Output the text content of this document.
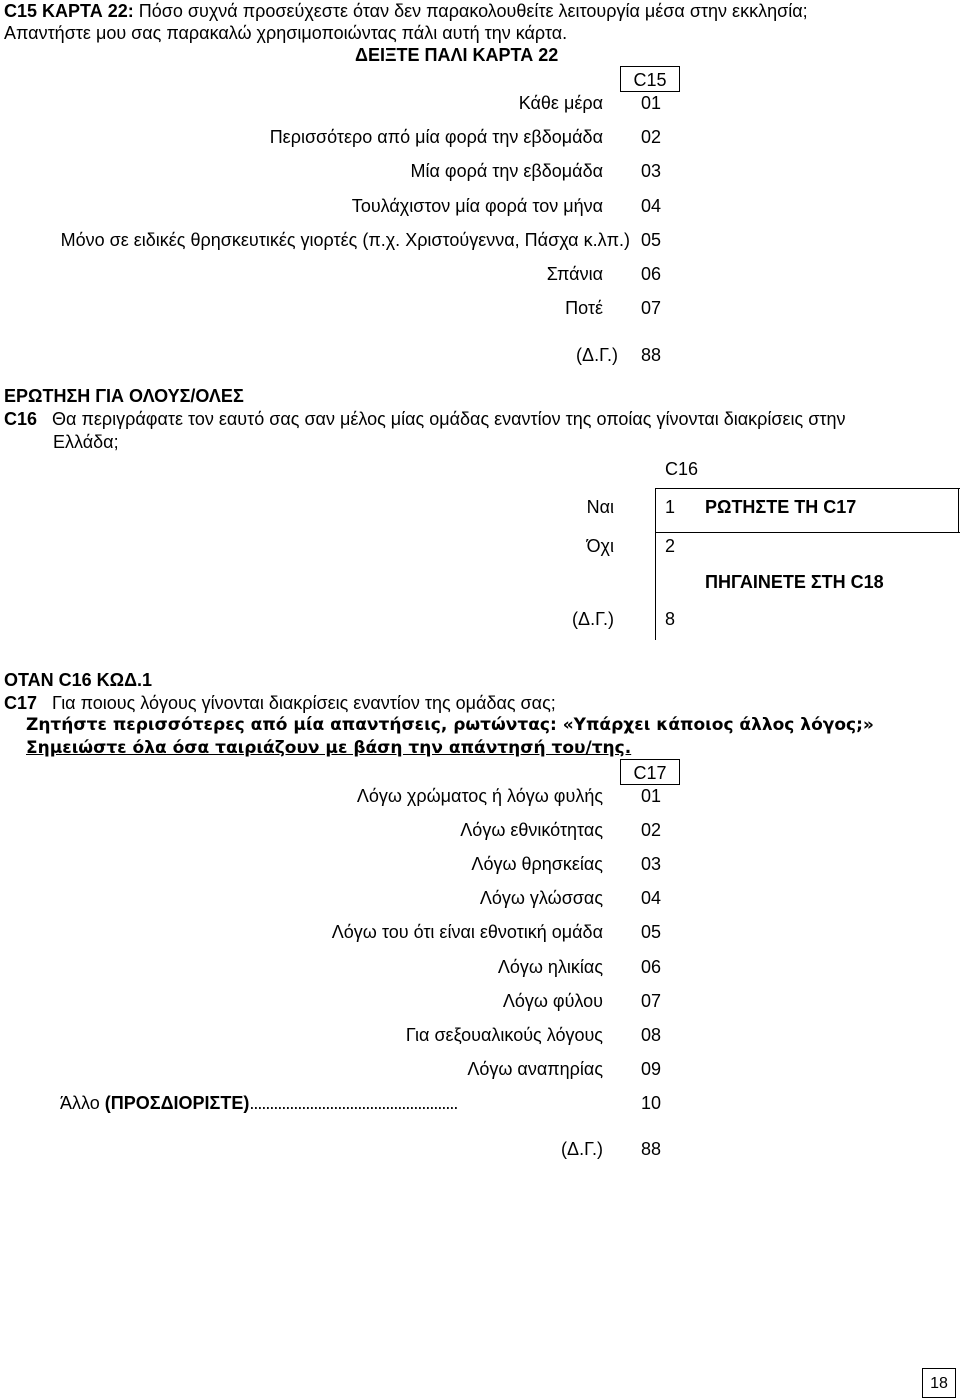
C15 ΚΑΡΤΑ 22: Πόσο συχνά προσεύχεστε όταν δεν παρακολουθείτε λειτουργία μέσα στην εκκλησία;
Απαντήστε μου σας παρακαλώ χρησιμοποιώντας πάλι αυτή την κάρτα.
ΔΕΙΞΤΕ ΠΑΛΙ ΚΑΡΤΑ 22
C15
Κάθε μέρα 01
Περισσότερο από μία φορά την εβδομάδα 02
Μία φορά την εβδομάδα 03
Τουλάχιστον μία φορά τον μήνα 04
Μόνο σε ειδικές θρησκευτικές γιορτές (π.χ. Χριστούγεννα, Πάσχα κ.λπ.) 05
Σπάνια 06
Ποτέ 07
(Δ.Γ.) 88
ΕΡΩΤΗΣΗ ΓΙΑ ΟΛΟΥΣ/ΟΛΕΣ
C16 Θα περιγράφατε τον εαυτό σας σαν μέλος μίας ομάδας εναντίον της οποίας γίνονται διακρίσεις στην
Ελλάδα;
C16
Ναι	1 ΡΩΤΗΣΤΕ ΤΗ C17
Όχι	2
ΠΗΓΑΙΝΕΤΕ ΣΤΗ C18
(Δ.Γ.)	8
ΟΤΑΝ C16 ΚΩΔ.1
C17 Για ποιους λόγους γίνονται διακρίσεις εναντίον της ομάδας σας;
Ζητήστε περισσότερες από μία απαντήσεις, ρωτώντας: «Υπάρχει κάποιος άλλος λόγος;»
Σημειώστε όλα όσα ταιριάζουν με βάση την απάντησή του/της.
C17
Λόγω χρώματος ή λόγω φυλής 01
Λόγω εθνικότητας 02
Λόγω θρησκείας 03
Λόγω γλώσσας 04
Λόγω του ότι είναι εθνοτική ομάδα 05
Λόγω ηλικίας 06
Λόγω φύλου 07
Για σεξουαλικούς λόγους 08
Λόγω αναπηρίας 09
Άλλο (ΠΡΟΣΔΙΟΡΙΣΤΕ)....................................................	10
(Δ.Γ.) 88
18
